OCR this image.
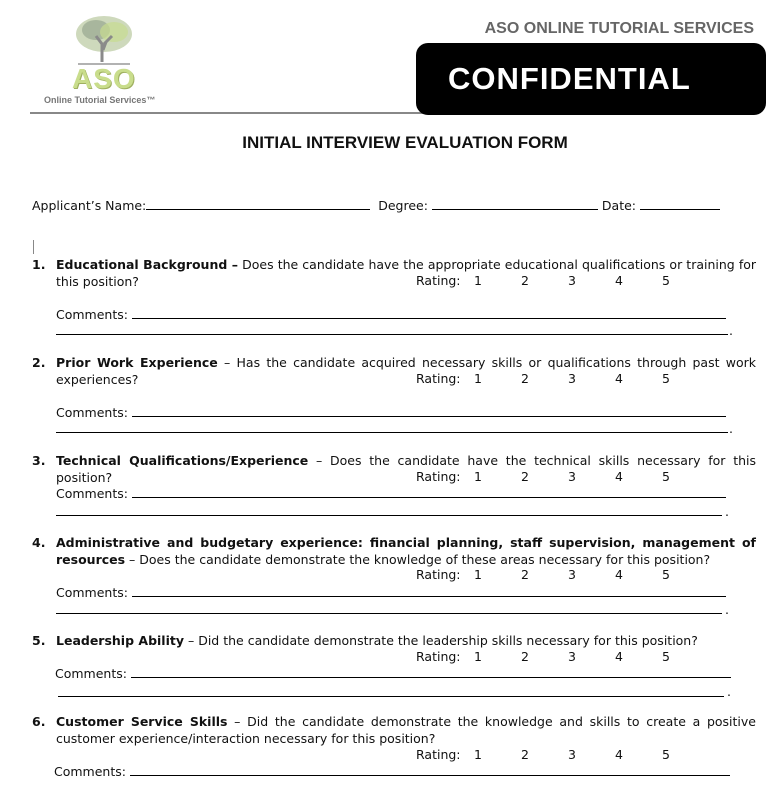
ASO
Online Tutorial Services™
ASO ONLINE TUTORIAL SERVICES
CONFIDENTIAL
INITIAL INTERVIEW EVALUATION FORM
Applicant’s Name:	Degree:	Date:
1. Educational Background – Does the candidate have the appropriate educational qualifications or training for this position?	Rating: 1	2	3	4	5
Comments:
.
2. Prior Work Experience – Has the candidate acquired necessary skills or qualifications through past work experiences?	Rating: 1	2	3	4	5
Comments:
.
3. Technical Qualifications/Experience – Does the candidate have the technical skills necessary for this position?	Rating: 1	2	3	4	5
Comments:
.
4. Administrative and budgetary experience: financial planning, staff supervision, management of resources – Does the candidate demonstrate the knowledge of these areas necessary for this position?
Rating: 1	2	3	4	5
Comments:
.
5. Leadership Ability – Did the candidate demonstrate the leadership skills necessary for this position?
Rating: 1	2	3	4	5
Comments:
.
6. Customer Service Skills – Did the candidate demonstrate the knowledge and skills to create a positive customer experience/interaction necessary for this position?
Rating: 1	2	3	4	5
Comments:
